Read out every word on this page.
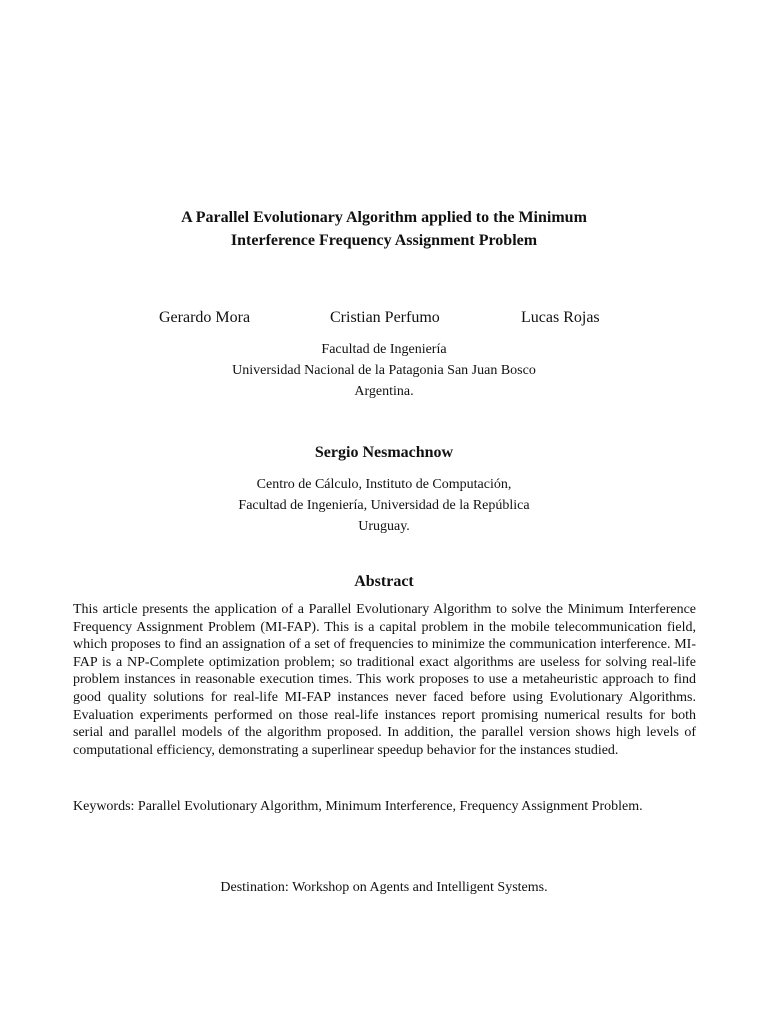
A Parallel Evolutionary Algorithm applied to the Minimum
Interference Frequency Assignment Problem
Gerardo Mora	Cristian Perfumo	Lucas Rojas
Facultad de Ingeniería
Universidad Nacional de la Patagonia San Juan Bosco
Argentina.
Sergio Nesmachnow
Centro de Cálculo, Instituto de Computación,
Facultad de Ingeniería, Universidad de la República
Uruguay.
Abstract
This article presents the application of a Parallel Evolutionary Algorithm to solve the Minimum Interference Frequency Assignment Problem (MI-FAP). This is a capital problem in the mobile telecommunication field, which proposes to find an assignation of a set of frequencies to minimize the communication interference. MI-FAP is a NP-Complete optimization problem; so traditional exact algorithms are useless for solving real-life problem instances in reasonable execution times. This work proposes to use a metaheuristic approach to find good quality solutions for real-life MI-FAP instances never faced before using Evolutionary Algorithms. Evaluation experiments performed on those real-life instances report promising numerical results for both serial and parallel models of the algorithm proposed. In addition, the parallel version shows high levels of computational efficiency, demonstrating a superlinear speedup behavior for the instances studied.
Keywords: Parallel Evolutionary Algorithm, Minimum Interference, Frequency Assignment Problem.
Destination: Workshop on Agents and Intelligent Systems.
